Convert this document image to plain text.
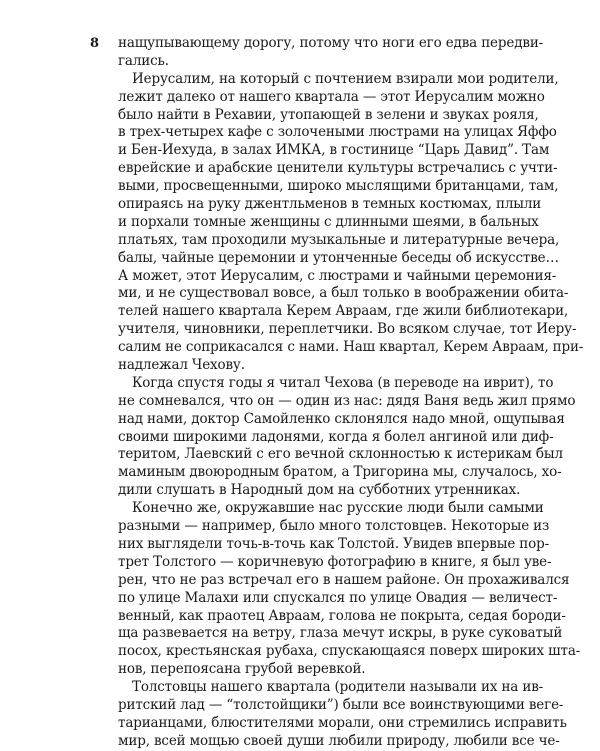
8 нащупывающему дорогу, потому что ноги его едва передви-
гались.
Иерусалим, на который с почтением взирали мои родители,
лежит далеко от нашего квартала — этот Иерусалим можно
было найти в Рехавии, утопающей в зелени и звуках рояля,
в трех-четырех кафе с золочеными люстрами на улицах Яффо
и Бен-Иехуда, в залах ИМКА, в гостинице “Царь Давид”. Там
еврейские и арабские ценители культуры встречались с учти-
выми, просвещенными, широко мыслящими британцами, там,
опираясь на руку джентльменов в темных костюмах, плыли
и порхали томные женщины с длинными шеями, в бальных
платьях, там проходили музыкальные и литературные вечера,
балы, чайные церемонии и утонченные беседы об искусстве…
А может, этот Иерусалим, с люстрами и чайными церемония-
ми, и не существовал вовсе, а был только в воображении обита-
телей нашего квартала Керем Авраам, где жили библиотекари,
учителя, чиновники, переплетчики. Во всяком случае, тот Иеру-
салим не соприкасался с нами. Наш квартал, Керем Авраам, при-
надлежал Чехову.
Когда спустя годы я читал Чехова (в переводе на иврит), то
не сомневался, что он — один из нас: дядя Ваня ведь жил прямо
над нами, доктор Самойленко склонялся надо мной, ощупывая
своими широкими ладонями, когда я болел ангиной или диф-
теритом, Лаевский с его вечной склонностью к истерикам был
маминым двоюродным братом, а Тригорина мы, случалось, хо-
дили слушать в Народный дом на субботних утренниках.
Конечно же, окружавшие нас русские люди были самыми
разными — например, было много толстовцев. Некоторые из
них выглядели точь-в-точь как Толстой. Увидев впервые пор-
трет Толстого — коричневую фотографию в книге, я был уве-
рен, что не раз встречал его в нашем районе. Он прохаживался
по улице Малахи или спускался по улице Овадия — величест-
венный, как праотец Авраам, голова не покрыта, седая бороди-
ща развевается на ветру, глаза мечут искры, в руке суковатый
посох, крестьянская рубаха, спускающаяся поверх широких шта-
нов, перепоясана грубой веревкой.
Толстовцы нашего квартала (родители называли их на ив-
ритский лад — “толстойщики”) были все воинствующими веге-
тарианцами, блюстителями морали, они стремились исправить
мир, всей мощью своей души любили природу, любили все че-
